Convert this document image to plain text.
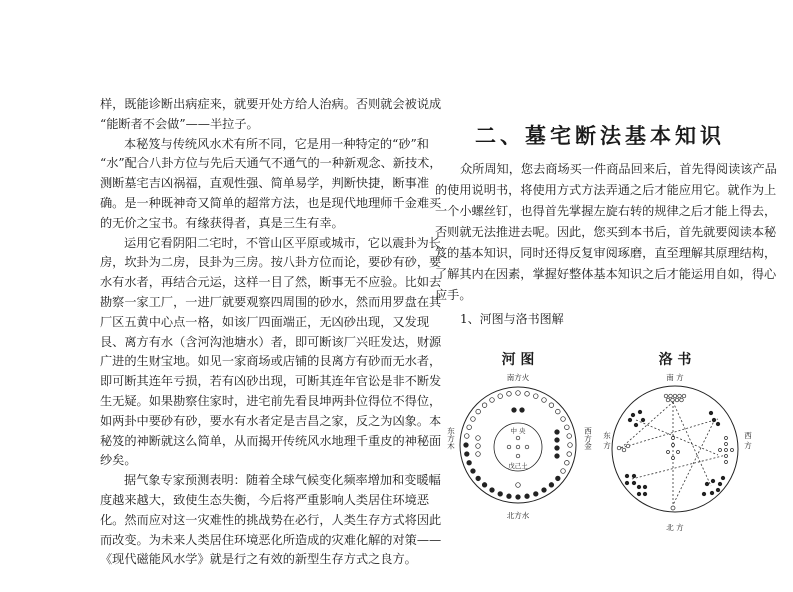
样，既能诊断出病症来，就要开处方给人治病。否则就会被说成
“能断者不会做”——半拉子。
本秘笈与传统风水术有所不同，它是用一种特定的“砂”和
“水”配合八卦方位与先后天通气不通气的一种新观念、新技术，
测断墓宅吉凶祸福，直观性强、简单易学，判断快捷，断事准
确。是一种既神奇又简单的超常方法，也是现代地理师千金难买
的无价之宝书。有缘获得者，真是三生有幸。
运用它看阴阳二宅时，不管山区平原或城市，它以震卦为长
房，坎卦为二房，艮卦为三房。按八卦方位而论，要砂有砂，要
水有水者，再结合元运，这样一目了然，断事无不应验。比如去
勘察一家工厂，一进厂就要观察四周围的砂水，然而用罗盘在其
厂区五黄中心点一格，如该厂四面端正，无凶砂出现，又发现
艮、离方有水（含河沟池塘水）者，即可断该厂兴旺发达，财源
广进的生财宝地。如见一家商场或店铺的艮离方有砂而无水者，
即可断其连年亏损，若有凶砂出现，可断其连年官讼是非不断发
生无疑。如果勘察住家时，进宅前先看艮坤两卦位得位不得位，
如两卦中要砂有砂，要水有水者定是吉昌之家，反之为凶象。本
秘笈的神断就这么简单，从而揭开传统风水地理千重皮的神秘面
纱矣。
据气象专家预测表明：随着全球气候变化频率增加和变暖幅
度越来越大，致使生态失衡，今后将严重影响人类居住环境恶
化。然而应对这一灾难性的挑战势在必行，人类生存方式将因此
而改变。为未来人类居住环境恶化所造成的灾难化解的对策——
《现代磁能风水学》就是行之有效的新型生存方式之良方。
二、墓宅断法基本知识
众所周知，您去商场买一件商品回来后，首先得阅读该产品
的使用说明书，将使用方式方法弄通之后才能应用它。就作为上
一个小螺丝钉，也得首先掌握左旋右转的规律之后才能上得去，
否则就无法推进去呢。因此，您买到本书后，首先就要阅读本秘
笈的基本知识，同时还得反复审阅琢磨，直至理解其原理结构，
了解其内在因素，掌握好整体基本知识之后才能运用自如，得心
应手。
1、河图与洛书图解
河 图
南方火
北方水
东方木	西方金
中 央
戊己土
洛 书
南 方
北 方
东 方	西 方
